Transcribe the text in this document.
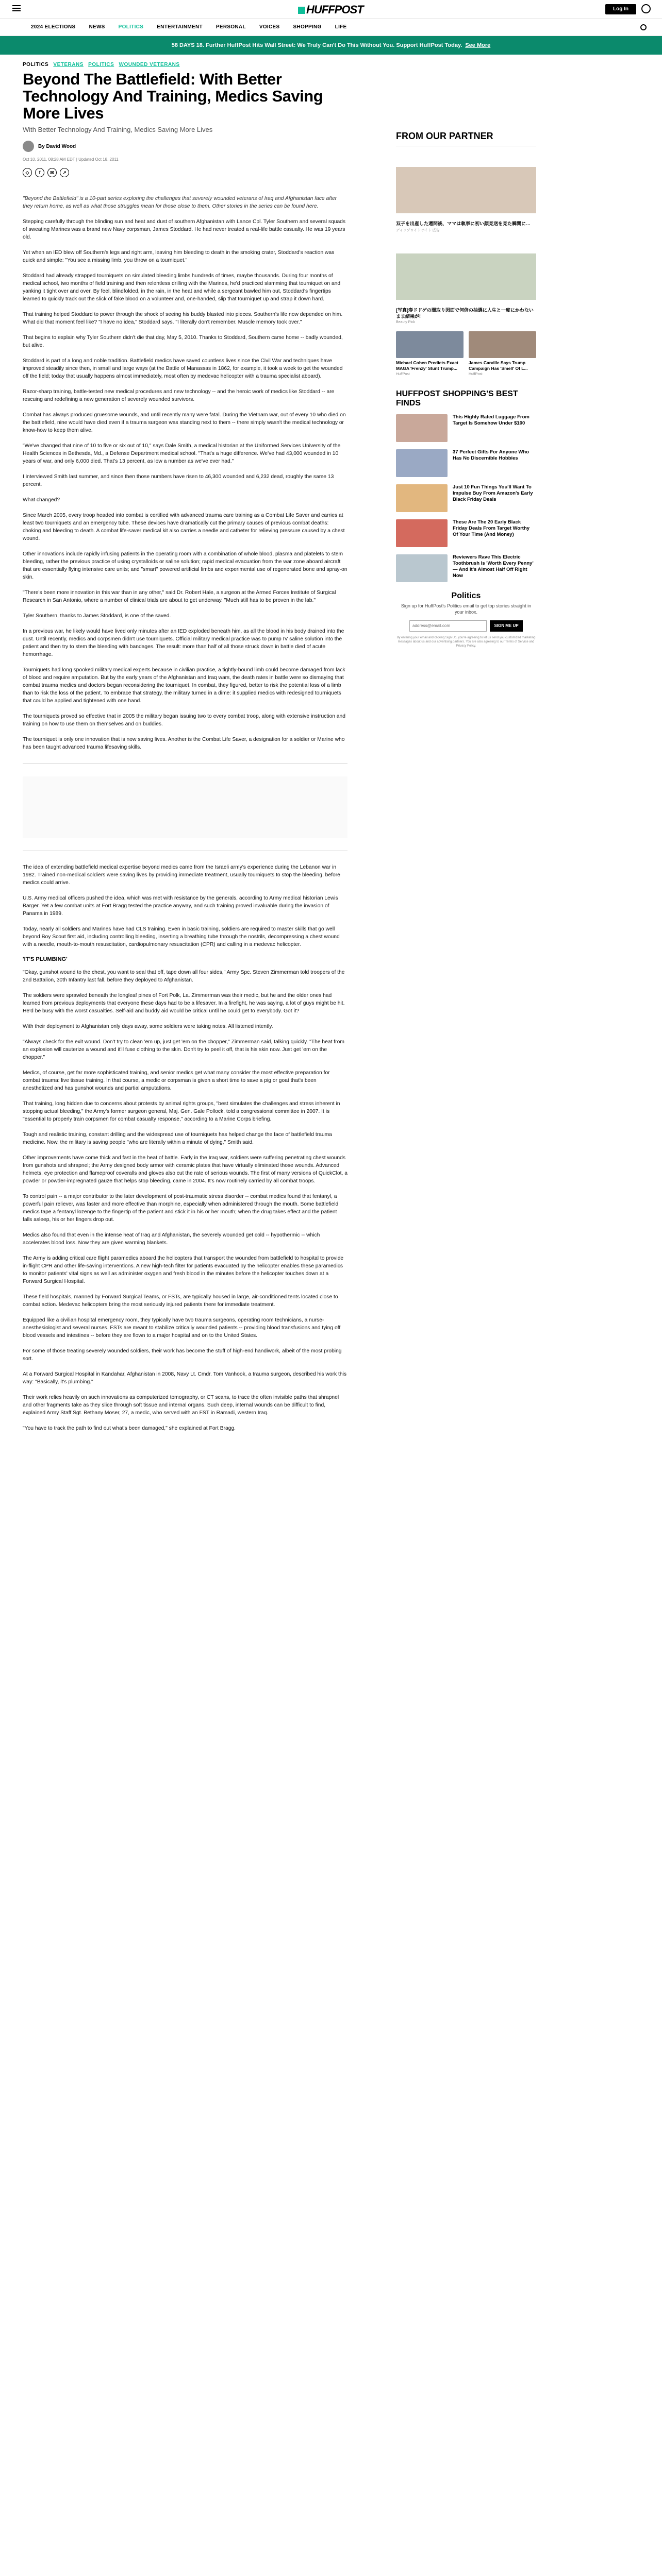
HUFFPOST	Log In
2024 ELECTIONS	NEWS	POLITICS	ENTERTAINMENT	PERSONAL	VOICES	SHOPPING	LIFE
58 DAYS 18. Further HuffPost Hits Wall Street: We Truly Can't Do This Without You. Support HuffPost Today. See More
POLITICS VETERANS POLITICS WOUNDED VETERANS
Beyond The Battlefield: With Better Technology And Training, Medics Saving More Lives
With Better Technology And Training, Medics Saving More Lives
By David Wood
Oct 10, 2011, 08:28 AM EDT | Updated Oct 18, 2011
◇	f	✉	↗

"Beyond the Battlefield" is a 10-part series exploring the challenges that severely wounded veterans of Iraq and Afghanistan face after they return home, as well as what those struggles mean for those close to them. Other stories in the series can be found here.

Stepping carefully through the blinding sun and heat and dust of southern Afghanistan with Lance Cpl. Tyler Southern and several squads of sweating Marines was a brand new Navy corpsman, James Stoddard. He had never treated a real-life battle casualty. He was 19 years old.

Yet when an IED blew off Southern's legs and right arm, leaving him bleeding to death in the smoking crater, Stoddard's reaction was quick and simple: "You see a missing limb, you throw on a tourniquet."

Stoddard had already strapped tourniquets on simulated bleeding limbs hundreds of times, maybe thousands. During four months of medical school, two months of field training and then relentless drilling with the Marines, he'd practiced slamming that tourniquet on and yanking it tight over and over. By feel, blindfolded, in the rain, in the heat and while a sergeant bawled him out, Stoddard's fingertips learned to quickly track out the slick of fake blood on a volunteer and, one-handed, slip that tourniquet up and strap it down hard.

That training helped Stoddard to power through the shock of seeing his buddy blasted into pieces. Southern's life now depended on him. What did that moment feel like? "I have no idea," Stoddard says. "I literally don't remember. Muscle memory took over."

That begins to explain why Tyler Southern didn't die that day, May 5, 2010. Thanks to Stoddard, Southern came home -- badly wounded, but alive.

Stoddard is part of a long and noble tradition. Battlefield medics have saved countless lives since the Civil War and techniques have improved steadily since then, in small and large ways (at the Battle of Manassas in 1862, for example, it took a week to get the wounded off the field; today that usually happens almost immediately, most often by medevac helicopter with a trauma specialist aboard).

Razor-sharp training, battle-tested new medical procedures and new technology -- and the heroic work of medics like Stoddard -- are rescuing and redefining a new generation of severely wounded survivors.

Combat has always produced gruesome wounds, and until recently many were fatal. During the Vietnam war, out of every 10 who died on the battlefield, nine would have died even if a trauma surgeon was standing next to them -- there simply wasn't the medical technology or know-how to keep them alive.

"We've changed that nine of 10 to five or six out of 10," says Dale Smith, a medical historian at the Uniformed Services University of the Health Sciences in Bethesda, Md., a Defense Department medical school. "That's a huge difference. We've had 43,000 wounded in 10 years of war, and only 6,000 died. That's 13 percent, as low a number as we've ever had."

I interviewed Smith last summer, and since then those numbers have risen to 46,300 wounded and 6,232 dead, roughly the same 13 percent.

What changed?

Since March 2005, every troop headed into combat is certified with advanced trauma care training as a Combat Life Saver and carries at least two tourniquets and an emergency tube. These devices have dramatically cut the primary causes of previous combat deaths: choking and bleeding to death. A combat life-saver medical kit also carries a needle and catheter for relieving pressure caused by a chest wound.

Other innovations include rapidly infusing patients in the operating room with a combination of whole blood, plasma and platelets to stem bleeding, rather the previous practice of using crystalloids or saline solution; rapid medical evacuation from the war zone aboard aircraft that are essentially flying intensive care units; and "smart" powered artificial limbs and experimental use of regenerated bone and spray-on skin.

"There's been more innovation in this war than in any other," said Dr. Robert Hale, a surgeon at the Armed Forces Institute of Surgical Research in San Antonio, where a number of clinical trials are about to get underway. "Much still has to be proven in the lab."

Tyler Southern, thanks to James Stoddard, is one of the saved.

In a previous war, he likely would have lived only minutes after an IED exploded beneath him, as all the blood in his body drained into the dust. Until recently, medics and corpsmen didn't use tourniquets. Official military medical practice was to pump IV saline solution into the patient and then try to stem the bleeding with bandages. The result: more than half of all those struck down in battle died of acute hemorrhage.

Tourniquets had long spooked military medical experts because in civilian practice, a tightly-bound limb could become damaged from lack of blood and require amputation. But by the early years of the Afghanistan and Iraq wars, the death rates in battle were so dismaying that combat trauma medics and doctors began reconsidering the tourniquet. In combat, they figured, better to risk the potential loss of a limb than to risk the loss of the patient. To embrace that strategy, the military turned in a dime: it supplied medics with redesigned tourniquets that could be applied and tightened with one hand.

The tourniquets proved so effective that in 2005 the military began issuing two to every combat troop, along with extensive instruction and training on how to use them on themselves and on buddies.

The tourniquet is only one innovation that is now saving lives. Another is the Combat Life Saver, a designation for a soldier or Marine who has been taught advanced trauma lifesaving skills.

The idea of extending battlefield medical expertise beyond medics came from the Israeli army's experience during the Lebanon war in 1982. Trained non-medical soldiers were saving lives by providing immediate treatment, usually tourniquets to stop the bleeding, before medics could arrive.

U.S. Army medical officers pushed the idea, which was met with resistance by the generals, according to Army medical historian Lewis Barger. Yet a few combat units at Fort Bragg tested the practice anyway, and such training proved invaluable during the invasion of Panama in 1989.

Today, nearly all soldiers and Marines have had CLS training. Even in basic training, soldiers are required to master skills that go well beyond Boy Scout first aid, including controlling bleeding, inserting a breathing tube through the nostrils, decompressing a chest wound with a needle, mouth-to-mouth resuscitation, cardiopulmonary resuscitation (CPR) and calling in a medevac helicopter.

'IT'S PLUMBING'

"Okay, gunshot wound to the chest, you want to seal that off, tape down all four sides," Army Spc. Steven Zimmerman told troopers of the 2nd Battalion, 30th Infantry last fall, before they deployed to Afghanistan.

The soldiers were sprawled beneath the longleaf pines of Fort Polk, La. Zimmerman was their medic, but he and the older ones had learned from previous deployments that everyone these days had to be a lifesaver. In a firefight, he was saying, a lot of guys might be hit. He'd be busy with the worst casualties. Self-aid and buddy aid would be critical until he could get to everybody. Got it?

With their deployment to Afghanistan only days away, some soldiers were taking notes. All listened intently.

"Always check for the exit wound. Don't try to clean 'em up, just get 'em on the chopper," Zimmerman said, talking quickly. "The heat from an explosion will cauterize a wound and it'll fuse clothing to the skin. Don't try to peel it off, that is his skin now. Just get 'em on the chopper."

Medics, of course, get far more sophisticated training, and senior medics get what many consider the most effective preparation for combat trauma: live tissue training. In that course, a medic or corpsman is given a short time to save a pig or goat that's been anesthetized and has gunshot wounds and partial amputations.

That training, long hidden due to concerns about protests by animal rights groups, "best simulates the challenges and stress inherent in stopping actual bleeding," the Army's former surgeon general, Maj. Gen. Gale Pollock, told a congressional committee in 2007. It is "essential to properly train corpsmen for combat casualty response," according to a Marine Corps briefing.

Tough and realistic training, constant drilling and the widespread use of tourniquets has helped change the face of battlefield trauma medicine. Now, the military is saving people "who are literally within a minute of dying," Smith said.

Other improvements have come thick and fast in the heat of battle. Early in the Iraq war, soldiers were suffering penetrating chest wounds from gunshots and shrapnel; the Army designed body armor with ceramic plates that have virtually eliminated those wounds. Advanced helmets, eye protection and flameproof coveralls and gloves also cut the rate of serious wounds. The first of many versions of QuickClot, a powder or powder-impregnated gauze that helps stop bleeding, came in 2004. It's now routinely carried by all combat troops.

To control pain -- a major contributor to the later development of post-traumatic stress disorder -- combat medics found that fentanyl, a powerful pain reliever, was faster and more effective than morphine, especially when administered through the mouth. Some battlefield medics tape a fentanyl lozenge to the fingertip of the patient and stick it in his or her mouth; when the drug takes effect and the patient falls asleep, his or her fingers drop out.

Medics also found that even in the intense heat of Iraq and Afghanistan, the severely wounded get cold -- hypothermic -- which accelerates blood loss. Now they are given warming blankets.

The Army is adding critical care flight paramedics aboard the helicopters that transport the wounded from battlefield to hospital to provide in-flight CPR and other life-saving interventions. A new high-tech filter for patients evacuated by the helicopter enables these paramedics to monitor patients' vital signs as well as administer oxygen and fresh blood in the minutes before the helicopter touches down at a Forward Surgical Hospital.

These field hospitals, manned by Forward Surgical Teams, or FSTs, are typically housed in large, air-conditioned tents located close to combat action. Medevac helicopters bring the most seriously injured patients there for immediate treatment.

Equipped like a civilian hospital emergency room, they typically have two trauma surgeons, operating room technicians, a nurse-anesthesiologist and several nurses. FSTs are meant to stabilize critically wounded patients -- providing blood transfusions and tying off blood vessels and intestines -- before they are flown to a major hospital and on to the United States.

For some of those treating severely wounded soldiers, their work has become the stuff of high-end handiwork, albeit of the most probing sort.

At a Forward Surgical Hospital in Kandahar, Afghanistan in 2008, Navy Lt. Cmdr. Tom Vanhook, a trauma surgeon, described his work this way: "Basically, it's plumbing."

Their work relies heavily on such innovations as computerized tomography, or CT scans, to trace the often invisible paths that shrapnel and other fragments take as they slice through soft tissue and internal organs. Such deep, internal wounds can be difficult to find, explained Army Staff Sgt. Bethany Moser, 27, a medic, who served with an FST in Ramadi, western Iraq.

"You have to track the path to find out what's been damaged," she explained at Fort Bragg.

FROM OUR PARTNER
双子を出産した週間後、ママは執事に初い顔見送を見た瞬間に…
ディップロイドサイト 広告
[写真]寿ドドゲの間取り図面で何倍の抽選に人生と一度にかわないまま結果が!
Beauty Pick
Michael Cohen Predicts Exact MAGA 'Frenzy' Stunt Trump...
HuffPost
James Carville Says Trump Campaign Has 'Smell' Of L...
HuffPost
HUFFPOST SHOPPING'S BEST FINDS
This Highly Rated Luggage From Target Is Somehow Under $100
37 Perfect Gifts For Anyone Who Has No Discernible Hobbies
Just 10 Fun Things You'll Want To Impulse Buy From Amazon's Early Black Friday Deals
These Are The 20 Early Black Friday Deals From Target Worthy Of Your Time (And Money)
Reviewers Rave This Electric Toothbrush Is 'Worth Every Penny' — And It's Almost Half Off Right Now
Politics

Sign up for HuffPost's Politics email to get top stories straight in your inbox.

address@email.com	SIGN ME UP
By entering your email and clicking Sign Up, you're agreeing to let us send you customized marketing messages about us and our advertising partners. You are also agreeing to our Terms of Service and Privacy Policy.
